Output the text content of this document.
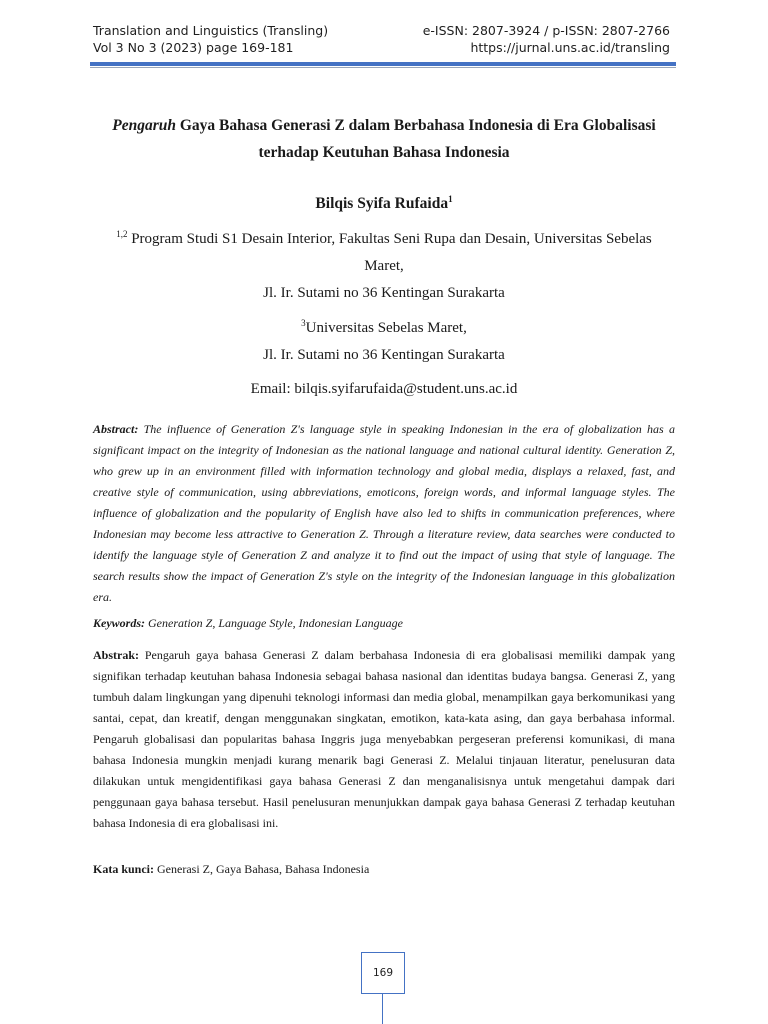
Translation and Linguistics (Transling)	e-ISSN: 2807-3924 / p-ISSN: 2807-2766
Vol 3 No 3 (2023) page 169-181	https://jurnal.uns.ac.id/transling
Pengaruh Gaya Bahasa Generasi Z dalam Berbahasa Indonesia di Era Globalisasi terhadap Keutuhan Bahasa Indonesia
Bilqis Syifa Rufaida$^1$
$^{1,2}$ Program Studi S1 Desain Interior, Fakultas Seni Rupa dan Desain, Universitas Sebelas Maret,
Jl. Ir. Sutami no 36 Kentingan Surakarta
$^3$Universitas Sebelas Maret,
Jl. Ir. Sutami no 36 Kentingan Surakarta
Email: bilqis.syifarufaida@student.uns.ac.id
Abstract: The influence of Generation Z's language style in speaking Indonesian in the era of globalization has a significant impact on the integrity of Indonesian as the national language and national cultural identity. Generation Z, who grew up in an environment filled with information technology and global media, displays a relaxed, fast, and creative style of communication, using abbreviations, emoticons, foreign words, and informal language styles. The influence of globalization and the popularity of English have also led to shifts in communication preferences, where Indonesian may become less attractive to Generation Z. Through a literature review, data searches were conducted to identify the language style of Generation Z and analyze it to find out the impact of using that style of language. The search results show the impact of Generation Z's style on the integrity of the Indonesian language in this globalization era.
Keywords: Generation Z, Language Style, Indonesian Language
Abstrak: Pengaruh gaya bahasa Generasi Z dalam berbahasa Indonesia di era globalisasi memiliki dampak yang signifikan terhadap keutuhan bahasa Indonesia sebagai bahasa nasional dan identitas budaya bangsa. Generasi Z, yang tumbuh dalam lingkungan yang dipenuhi teknologi informasi dan media global, menampilkan gaya berkomunikasi yang santai, cepat, dan kreatif, dengan menggunakan singkatan, emotikon, kata-kata asing, dan gaya berbahasa informal. Pengaruh globalisasi dan popularitas bahasa Inggris juga menyebabkan pergeseran preferensi komunikasi, di mana bahasa Indonesia mungkin menjadi kurang menarik bagi Generasi Z. Melalui tinjauan literatur, penelusuran data dilakukan untuk mengidentifikasi gaya bahasa Generasi Z dan menganalisisnya untuk mengetahui dampak dari penggunaan gaya bahasa tersebut. Hasil penelusuran menunjukkan dampak gaya bahasa Generasi Z terhadap keutuhan bahasa Indonesia di era globalisasi ini.
Kata kunci: Generasi Z, Gaya Bahasa, Bahasa Indonesia
169
